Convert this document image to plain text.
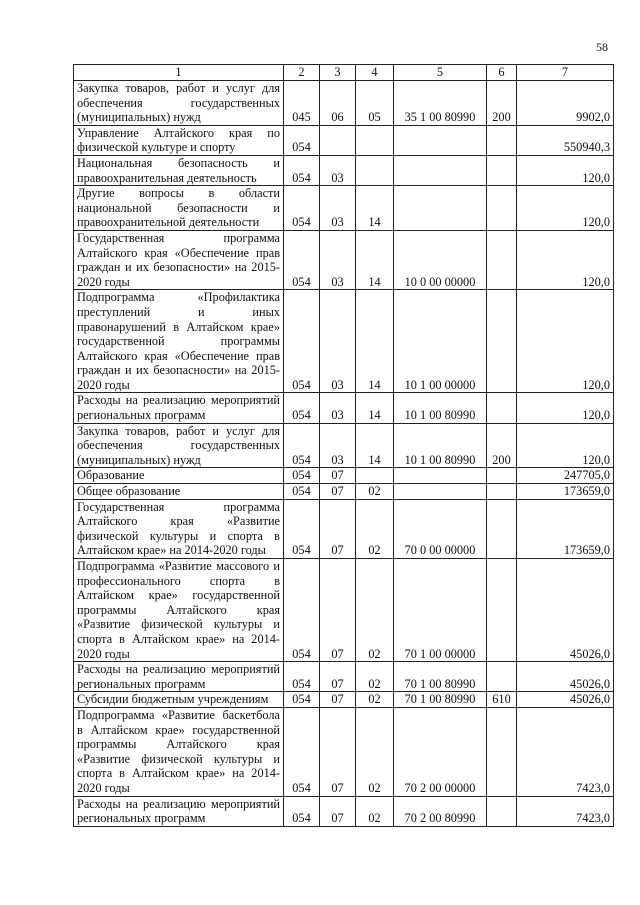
58
1	2	3	4	5	6	7
Закупка товаров, работ и услуг для обеспечения государственных (муниципальных) нужд	045	06	05	35 1 00 80990	200	9902,0
Управление Алтайского края по физической культуре и спорту	054					550940,3
Национальная безопасность и правоохранительная деятельность	054	03				120,0
Другие вопросы в области национальной безопасности и правоохранительной деятельности	054	03	14			120,0
Государственная программа Алтайского края «Обеспечение прав граждан и их безопасности» на 2015-2020 годы	054	03	14	10 0 00 00000		120,0
Подпрограмма «Профилактика преступлений и иных правонарушений в Алтайском крае» государственной программы Алтайского края «Обеспечение прав граждан и их безопасности» на 2015-2020 годы	054	03	14	10 1 00 00000		120,0
Расходы на реализацию мероприятий региональных программ	054	03	14	10 1 00 80990		120,0
Закупка товаров, работ и услуг для обеспечения государственных (муниципальных) нужд	054	03	14	10 1 00 80990	200	120,0
Образование	054	07				247705,0
Общее образование	054	07	02			173659,0
Государственная программа Алтайского края «Развитие физической культуры и спорта в Алтайском крае» на 2014-2020 годы	054	07	02	70 0 00 00000		173659,0
Подпрограмма «Развитие массового и профессионального спорта в Алтайском крае» государственной программы Алтайского края «Развитие физической культуры и спорта в Алтайском крае» на 2014-2020 годы	054	07	02	70 1 00 00000		45026,0
Расходы на реализацию мероприятий региональных программ	054	07	02	70 1 00 80990		45026,0
Субсидии бюджетным учреждениям	054	07	02	70 1 00 80990	610	45026,0
Подпрограмма «Развитие баскетбола в Алтайском крае» государственной программы Алтайского края «Развитие физической культуры и спорта в Алтайском крае» на 2014-2020 годы	054	07	02	70 2 00 00000		7423,0
Расходы на реализацию мероприятий региональных программ	054	07	02	70 2 00 80990		7423,0
